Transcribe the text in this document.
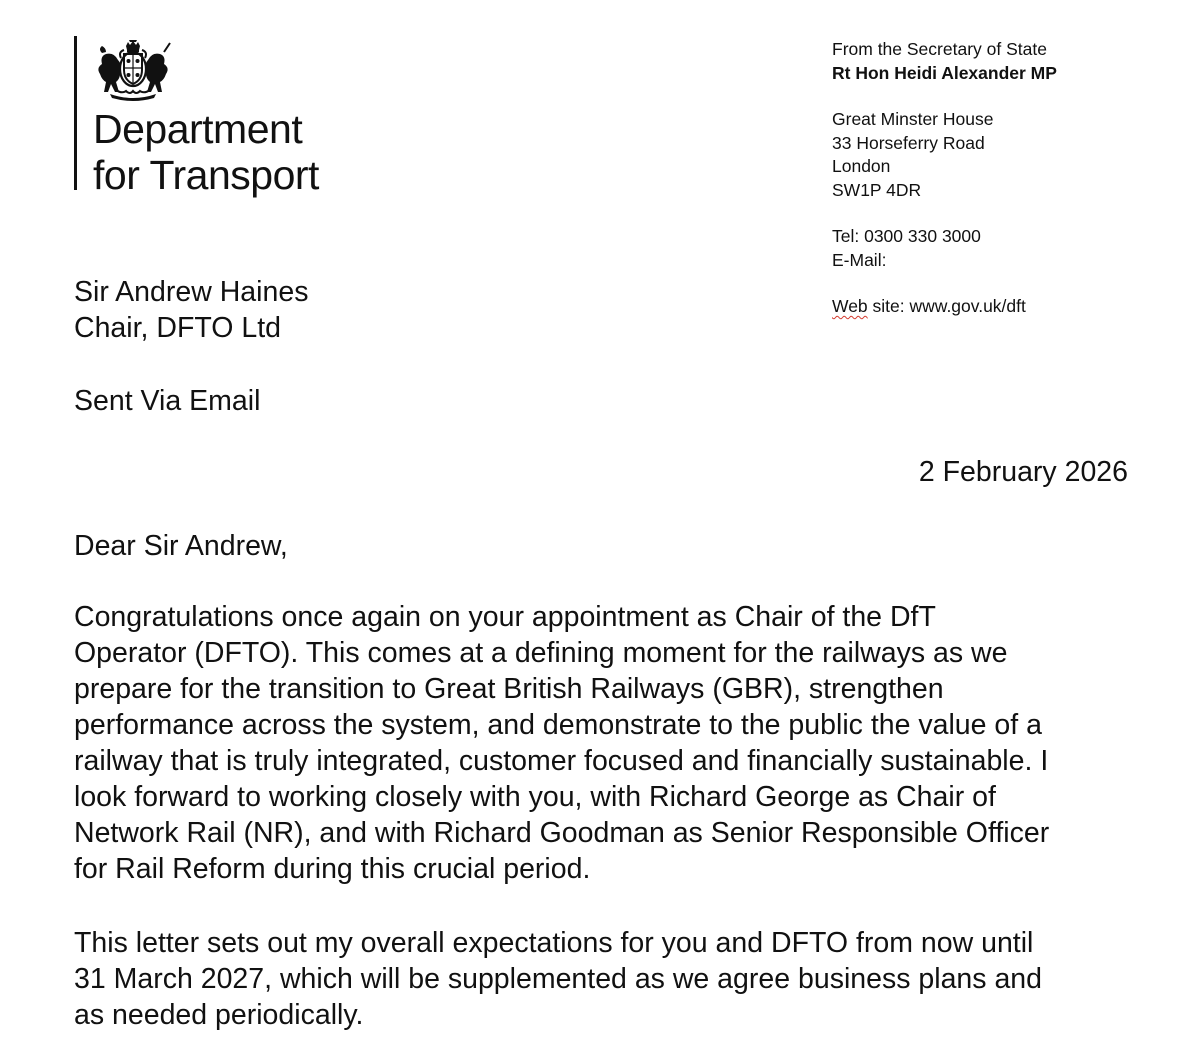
Department
for Transport
From the Secretary of State
Rt Hon Heidi Alexander MP
Great Minster House
33 Horseferry Road
London
SW1P 4DR
Tel: 0300 330 3000
E-Mail:
Web site: www.gov.uk/dft
Sir Andrew Haines
Chair, DFTO Ltd
Sent Via Email
2 February 2026
Dear Sir Andrew,
Congratulations once again on your appointment as Chair of the DfT
Operator (DFTO). This comes at a defining moment for the railways as we
prepare for the transition to Great British Railways (GBR), strengthen
performance across the system, and demonstrate to the public the value of a
railway that is truly integrated, customer focused and financially sustainable. I
look forward to working closely with you, with Richard George as Chair of
Network Rail (NR), and with Richard Goodman as Senior Responsible Officer
for Rail Reform during this crucial period.
This letter sets out my overall expectations for you and DFTO from now until
31 March 2027, which will be supplemented as we agree business plans and
as needed periodically.
